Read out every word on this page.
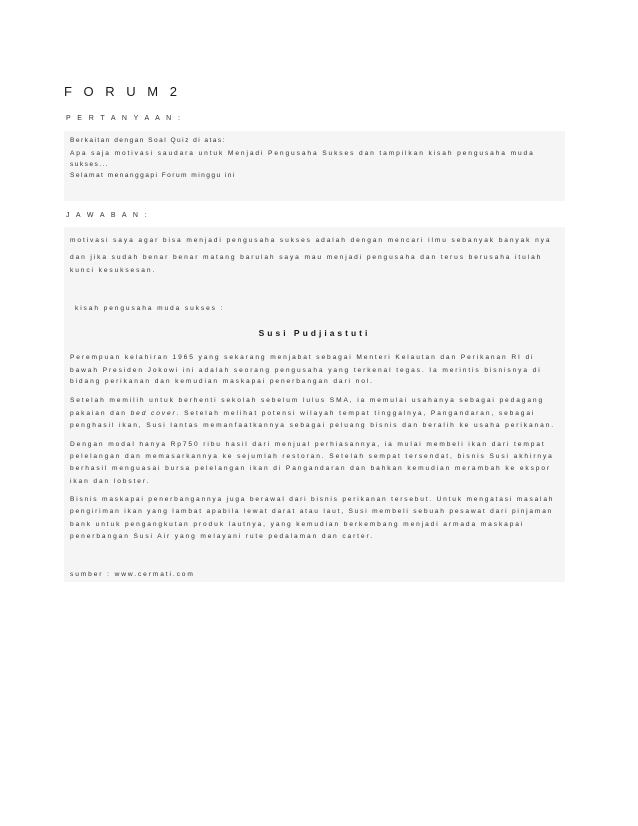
F O R U M 2
P E R T A N Y A A N :
Berkaitan dengan Soal Quiz di atas:
Apa saja motivasi saudara untuk Menjadi Pengusaha Sukses dan tampilkan kisah pengusaha muda
sukses...
Selamat menanggapi Forum minggu ini
J A W A B A N :
motivasi saya agar bisa menjadi pengusaha sukses adalah dengan mencari ilmu sebanyak banyak nya
dan jika sudah benar benar matang barulah saya mau menjadi pengusaha dan terus berusaha itulah
kunci kesuksesan.
kisah pengusaha muda sukses :
Susi Pudjiastuti
Perempuan kelahiran 1965 yang sekarang menjabat sebagai Menteri Kelautan dan Perikanan RI di
bawah Presiden Jokowi ini adalah seorang pengusaha yang terkenal tegas. Ia merintis bisnisnya di
bidang perikanan dan kemudian maskapai penerbangan dari nol.
Setelah memilih untuk berhenti sekolah sebelum lulus SMA, ia memulai usahanya sebagai pedagang
pakaian dan bed cover. Setelah melihat potensi wilayah tempat tinggalnya, Pangandaran, sebagai
penghasil ikan, Susi lantas memanfaatkannya sebagai peluang bisnis dan beralih ke usaha perikanan.
Dengan modal hanya Rp750 ribu hasil dari menjual perhiasannya, ia mulai membeli ikan dari tempat
pelelangan dan memasarkannya ke sejumlah restoran. Setelah sempat tersendat, bisnis Susi akhirnya
berhasil menguasai bursa pelelangan ikan di Pangandaran dan bahkan kemudian merambah ke ekspor
ikan dan lobster.
Bisnis maskapai penerbangannya juga berawal dari bisnis perikanan tersebut. Untuk mengatasi masalah
pengiriman ikan yang lambat apabila lewat darat atau laut, Susi membeli sebuah pesawat dari pinjaman
bank untuk pengangkutan produk lautnya, yang kemudian berkembang menjadi armada maskapai
penerbangan Susi Air yang melayani rute pedalaman dan carter.
sumber : www.cermati.com
